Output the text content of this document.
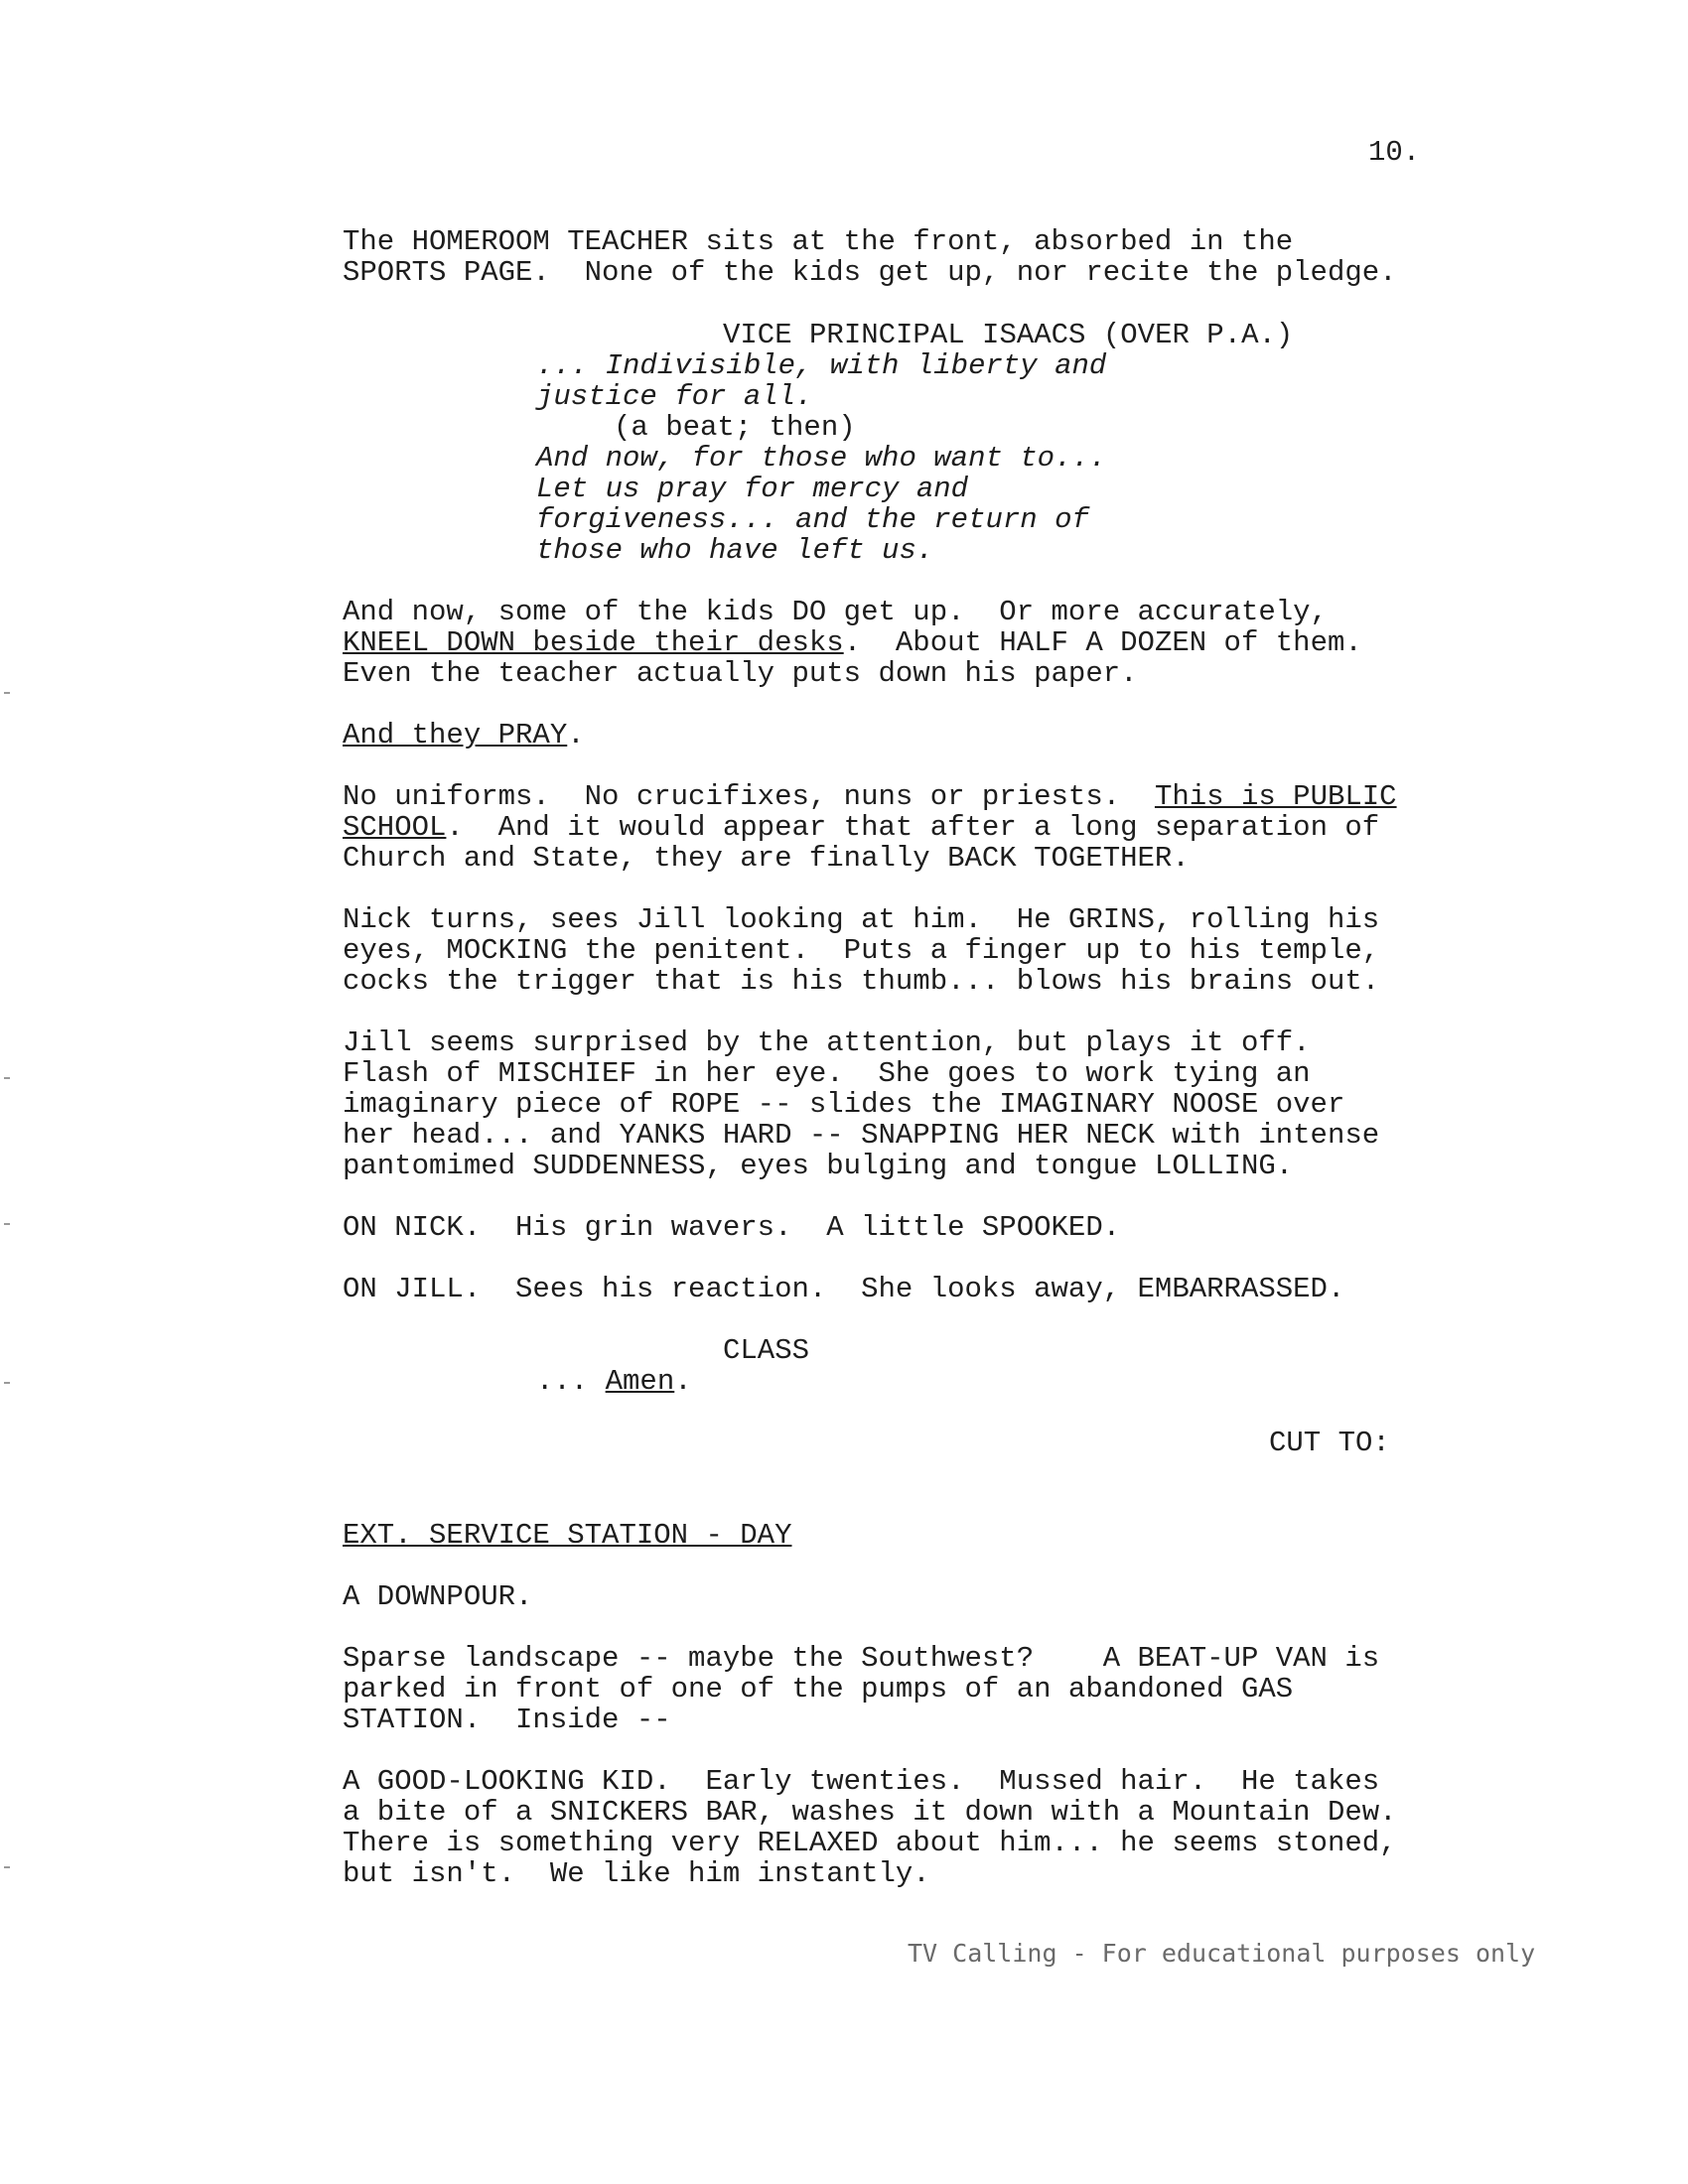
10.
The HOMEROOM TEACHER sits at the front, absorbed in the
SPORTS PAGE.  None of the kids get up, nor recite the pledge.
VICE PRINCIPAL ISAACS (OVER P.A.)
... Indivisible, with liberty and
justice for all.
(a beat; then)
And now, for those who want to...
Let us pray for mercy and
forgiveness... and the return of
those who have left us.
And now, some of the kids DO get up.  Or more accurately,
KNEEL DOWN beside their desks.  About HALF A DOZEN of them.
Even the teacher actually puts down his paper.
And they PRAY.
No uniforms.  No crucifixes, nuns or priests.  This is PUBLIC
SCHOOL.  And it would appear that after a long separation of
Church and State, they are finally BACK TOGETHER.
Nick turns, sees Jill looking at him.  He GRINS, rolling his
eyes, MOCKING the penitent.  Puts a finger up to his temple,
cocks the trigger that is his thumb... blows his brains out.
Jill seems surprised by the attention, but plays it off.
Flash of MISCHIEF in her eye.  She goes to work tying an
imaginary piece of ROPE -- slides the IMAGINARY NOOSE over
her head... and YANKS HARD -- SNAPPING HER NECK with intense
pantomimed SUDDENNESS, eyes bulging and tongue LOLLING.
ON NICK.  His grin wavers.  A little SPOOKED.
ON JILL.  Sees his reaction.  She looks away, EMBARRASSED.
CLASS
... Amen.
CUT TO:
EXT. SERVICE STATION - DAY
A DOWNPOUR.
Sparse landscape -- maybe the Southwest?    A BEAT-UP VAN is
parked in front of one of the pumps of an abandoned GAS
STATION.  Inside --
A GOOD-LOOKING KID.  Early twenties.  Mussed hair.  He takes
a bite of a SNICKERS BAR, washes it down with a Mountain Dew.
There is something very RELAXED about him... he seems stoned,
but isn't.  We like him instantly.
TV Calling - For educational purposes only
